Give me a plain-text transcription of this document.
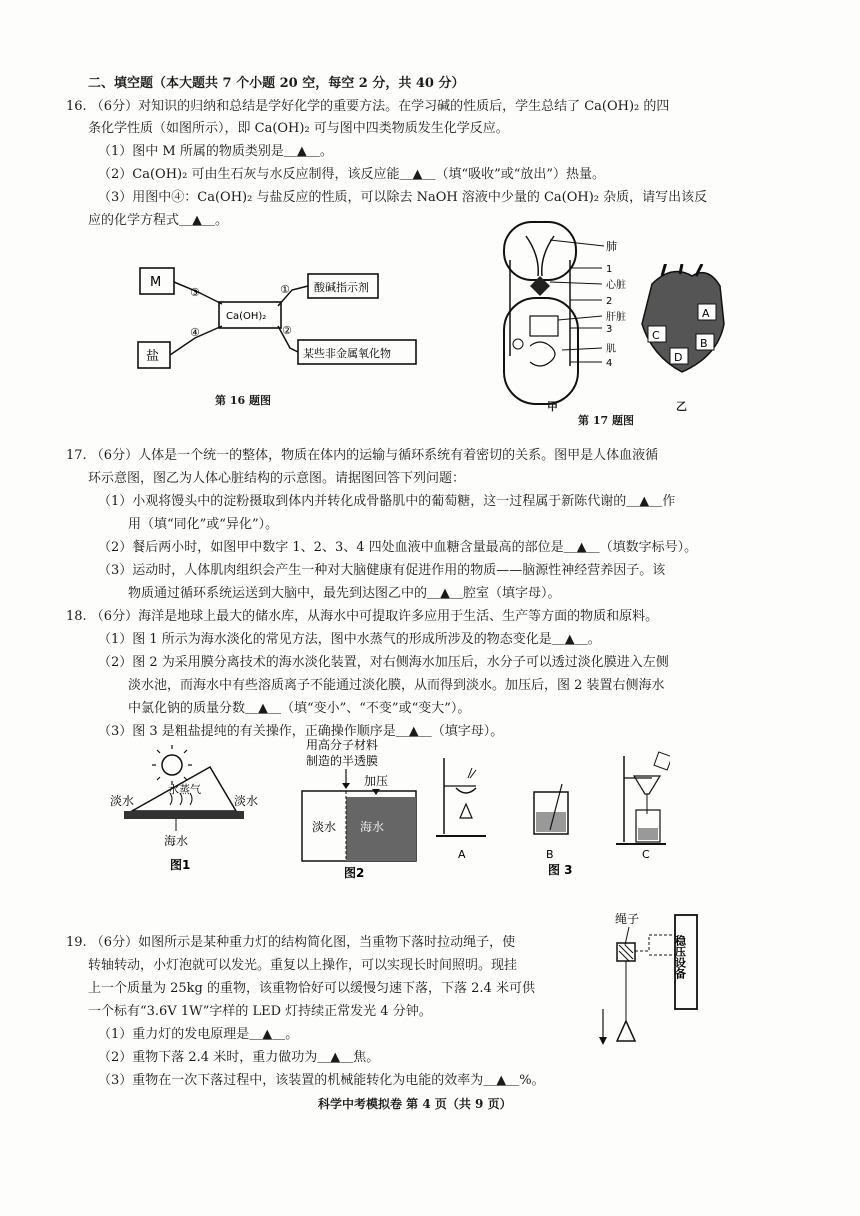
二、填空题（本大题共 7 个小题 20 空，每空 2 分，共 40 分）
16. （6分）对知识的归纳和总结是学好化学的重要方法。在学习碱的性质后，学生总结了 Ca(OH)₂ 的四
条化学性质（如图所示），即 Ca(OH)₂ 可与图中四类物质发生化学反应。
（1）图中 M 所属的物质类别是＿▲＿。
（2）Ca(OH)₂ 可由生石灰与水反应制得，该反应能＿▲＿（填“吸收”或“放出”）热量。
（3）用图中④：Ca(OH)₂ 与盐反应的性质，可以除去 NaOH 溶液中少量的 Ca(OH)₂ 杂质，请写出该反
应的化学方程式＿▲＿。
M
盐
Ca(OH)₂
酸碱指示剂
某些非金属氧化物
③	①
④	②
第 16 题图
肺
1
心脏
2
肝脏
3
肌
4
A
C
B
D
甲
第 17 题图
乙
17. （6分）人体是一个统一的整体，物质在体内的运输与循环系统有着密切的关系。图甲是人体血液循
环示意图，图乙为人体心脏结构的示意图。请据图回答下列问题：
（1）小观将馒头中的淀粉摄取到体内并转化成骨骼肌中的葡萄糖，这一过程属于新陈代谢的＿▲＿作
用（填“同化”或“异化”）。
（2）餐后两小时，如图甲中数字 1、2、3、4 四处血液中血糖含量最高的部位是＿▲＿（填数字标号）。
（3）运动时，人体肌肉组织会产生一种对大脑健康有促进作用的物质——脑源性神经营养因子。该
物质通过循环系统运送到大脑中，最先到达图乙中的＿▲＿腔室（填字母）。
18. （6分）海洋是地球上最大的储水库，从海水中可提取许多应用于生活、生产等方面的物质和原料。
（1）图 1 所示为海水淡化的常见方法，图中水蒸气的形成所涉及的物态变化是＿▲＿。
（2）图 2 为采用膜分离技术的海水淡化装置，对右侧海水加压后，水分子可以透过淡化膜进入左侧
淡水池，而海水中有些溶质离子不能通过淡化膜，从而得到淡水。加压后，图 2 装置右侧海水
中氯化钠的质量分数＿▲＿（填“变小”、“不变”或“变大”）。
（3）图 3 是粗盐提纯的有关操作，正确操作顺序是＿▲＿（填字母）。
淡水
水蒸气
淡水
海水
图1
用高分子材料
制造的半透膜
加压
淡水 海水
图2
A	B	C
图 3
19. （6分）如图所示是某种重力灯的结构简化图，当重物下落时拉动绳子，使
转轴转动，小灯泡就可以发光。重复以上操作，可以实现长时间照明。现挂
上一个质量为 25kg 的重物，该重物恰好可以缓慢匀速下落，下落 2.4 米可供
一个标有“3.6V 1W”字样的 LED 灯持续正常发光 4 分钟。
（1）重力灯的发电原理是＿▲＿。
（2）重物下落 2.4 米时，重力做功为＿▲＿焦。
（3）重物在一次下落过程中，该装置的机械能转化为电能的效率为＿▲＿%。
绳子
稳压设备
科学中考模拟卷 第 4 页（共 9 页）
